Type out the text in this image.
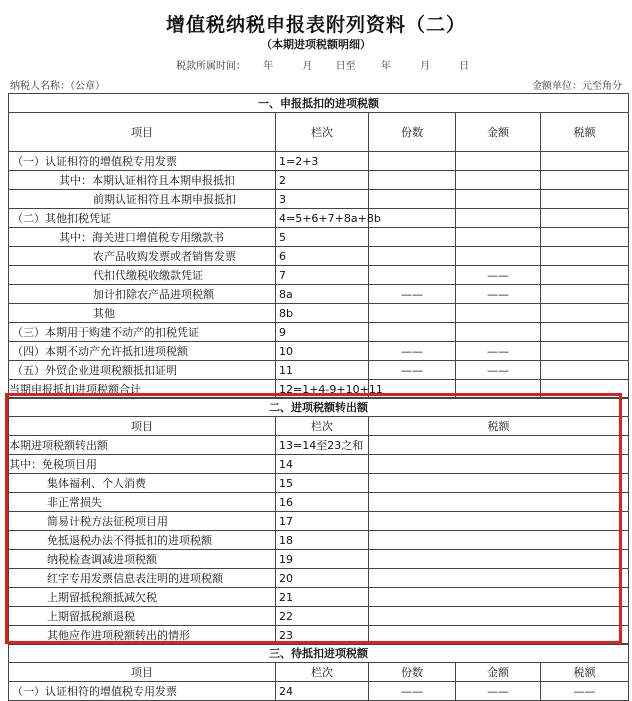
增值税纳税申报表附列资料（二）
（本期进项税额明细）
税款所属时间： 年	月 日至	年	月	日
纳税人名称：（公章）	金额单位：元至角分
一、申报抵扣的进项税额				
项目	栏次	份数	金额	税额
（一）认证相符的增值税专用发票	1=2+3			
其中：本期认证相符且本期申报抵扣	2			
前期认证相符且本期申报抵扣	3			
（二）其他扣税凭证	4=5+6+7+8a+8b			
其中：海关进口增值税专用缴款书	5			
农产品收购发票或者销售发票	6			
代扣代缴税收缴款凭证	7		——	
加计扣除农产品进项税额	8a	——	——	
其他	8b			
（三）本期用于购建不动产的扣税凭证	9			
（四）本期不动产允许抵扣进项税额	10	——	——	
（五）外贸企业进项税额抵扣证明	11	——	——	
当期申报抵扣进项税额合计	12=1+4-9+10+11			
二、进项税额转出额		
项目	栏次	税额
本期进项税额转出额	13=14至23之和	
其中：免税项目用	14	
集体福利、个人消费	15	
非正常损失	16	
简易计税方法征税项目用	17	
免抵退税办法不得抵扣的进项税额	18	
纳税检查调减进项税额	19	
红字专用发票信息表注明的进项税额	20	
上期留抵税额抵减欠税	21	
上期留抵税额退税	22	
其他应作进项税额转出的情形	23	
三、待抵扣进项税额				
项目	栏次	份数	金额	税额
（一）认证相符的增值税专用发票	24	——	——	——
